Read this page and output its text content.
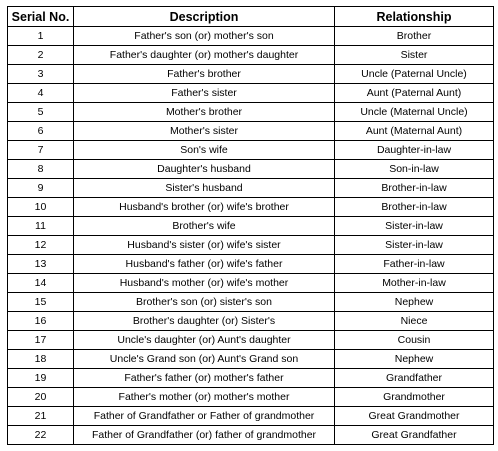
Serial No.	Description	Relationship
1	Father's son (or) mother's son	Brother
2	Father's daughter (or) mother's daughter	Sister
3	Father's brother	Uncle (Paternal Uncle)
4	Father's sister	Aunt (Paternal Aunt)
5	Mother's brother	Uncle (Maternal Uncle)
6	Mother's sister	Aunt (Maternal Aunt)
7	Son's wife	Daughter-in-law
8	Daughter's husband	Son-in-law
9	Sister's husband	Brother-in-law
10	Husband's brother (or) wife's brother	Brother-in-law
11	Brother's wife	Sister-in-law
12	Husband's sister (or) wife's sister	Sister-in-law
13	Husband's father (or) wife's father	Father-in-law
14	Husband's mother (or) wife's mother	Mother-in-law
15	Brother's son (or) sister's son	Nephew
16	Brother's daughter (or) Sister's	Niece
17	Uncle's daughter (or) Aunt's daughter	Cousin
18	Uncle's Grand son (or) Aunt's Grand son	Nephew
19	Father's father (or) mother's father	Grandfather
20	Father's mother (or) mother's mother	Grandmother
21	Father of Grandfather or Father of grandmother	Great Grandmother
22	Father of Grandfather (or) father of grandmother	Great Grandfather
